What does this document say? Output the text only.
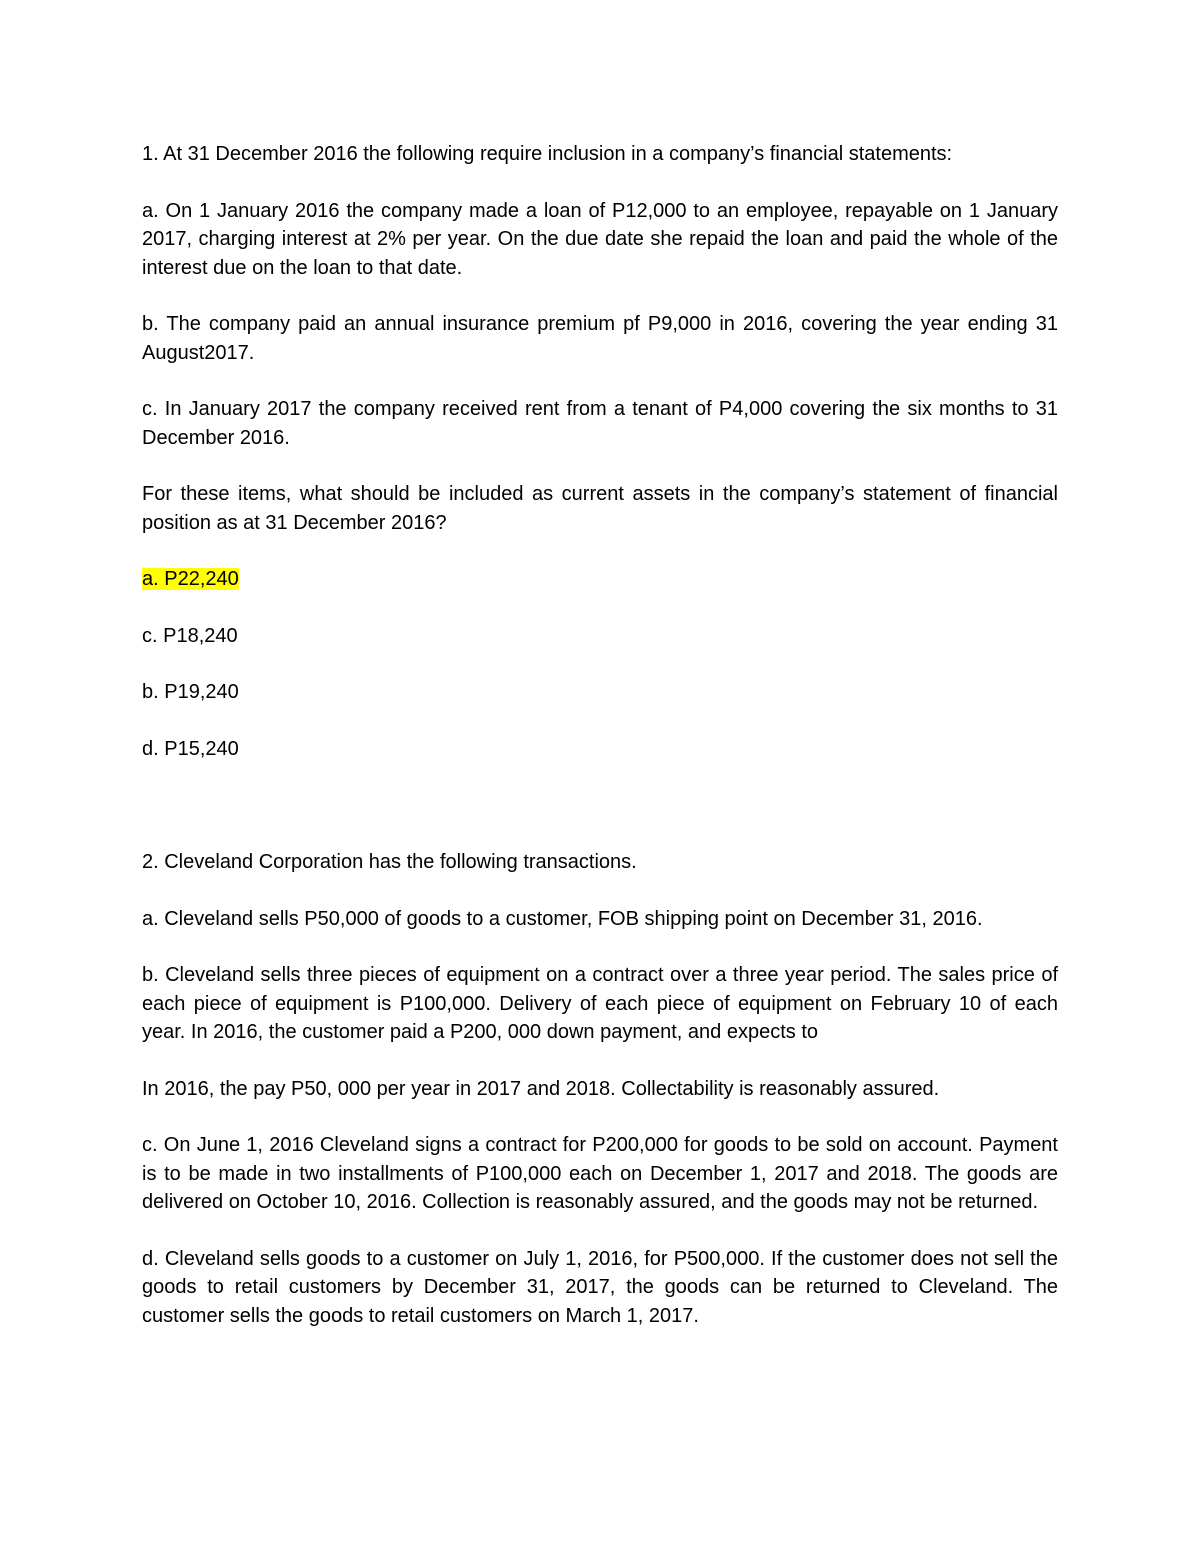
1. At 31 December 2016 the following require inclusion in a company’s financial statements:

a. On 1 January 2016 the company made a loan of P12,000 to an employee, repayable on 1 January 2017, charging interest at 2% per year. On the due date she repaid the loan and paid the whole of the interest due on the loan to that date.

b. The company paid an annual insurance premium pf P9,000 in 2016, covering the year ending 31 August2017.

c. In January 2017 the company received rent from a tenant of P4,000 covering the six months to 31 December 2016.

For these items, what should be included as current assets in the company’s statement of financial position as at 31 December 2016?

a. P22,240

c. P18,240

b. P19,240

d. P15,240

2. Cleveland Corporation has the following transactions.

a. Cleveland sells P50,000 of goods to a customer, FOB shipping point on December 31, 2016.

b. Cleveland sells three pieces of equipment on a contract over a three year period. The sales price of each piece of equipment is P100,000. Delivery of each piece of equipment on February 10 of each year. In 2016, the customer paid a P200, 000 down payment, and expects to

In 2016, the pay P50, 000 per year in 2017 and 2018. Collectability is reasonably assured.

c. On June 1, 2016 Cleveland signs a contract for P200,000 for goods to be sold on account. Payment is to be made in two installments of P100,000 each on December 1, 2017 and 2018. The goods are delivered on October 10, 2016. Collection is reasonably assured, and the goods may not be returned.

d. Cleveland sells goods to a customer on July 1, 2016, for P500,000. If the customer does not sell the goods to retail customers by December 31, 2017, the goods can be returned to Cleveland. The customer sells the goods to retail customers on March 1, 2017.
